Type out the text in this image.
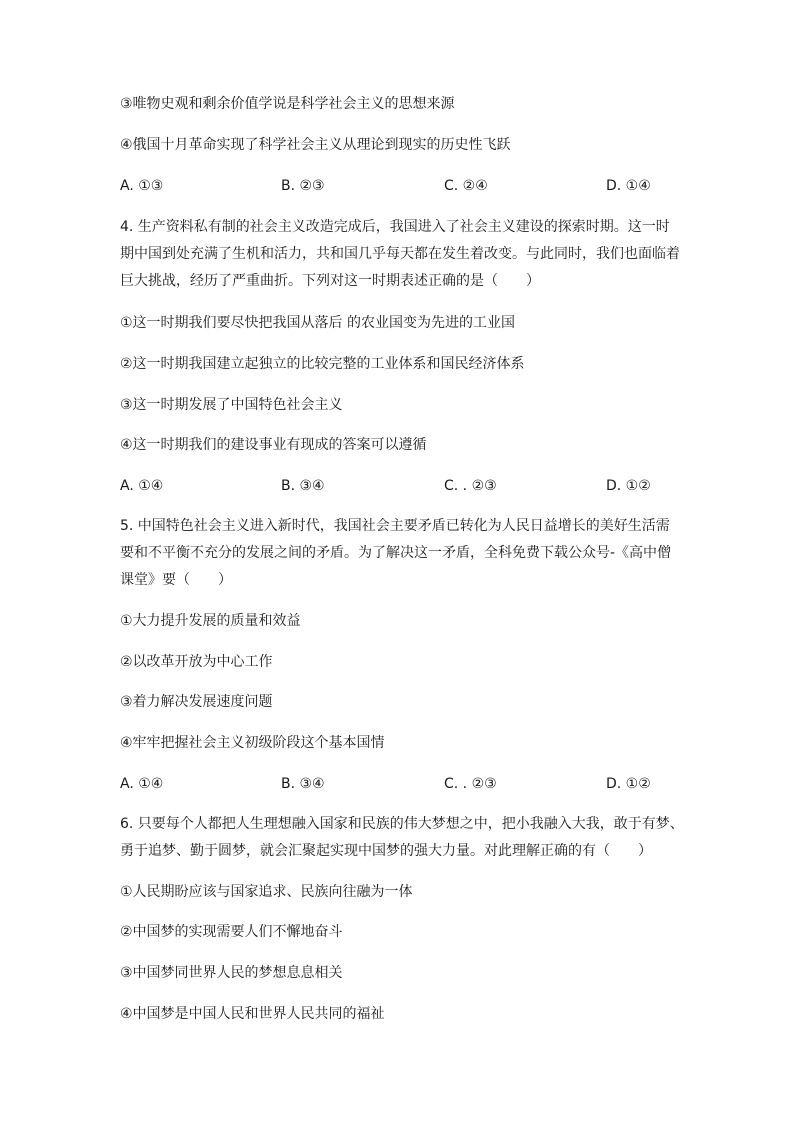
③唯物史观和剩余价值学说是科学社会主义的思想来源
④俄国十月革命实现了科学社会主义从理论到现实的历史性飞跃
A. ①③	B. ②③	C. ②④	D. ①④
4. 生产资料私有制的社会主义改造完成后，我国进入了社会主义建设的探索时期。这一时
期中国到处充满了生机和活力，共和国几乎每天都在发生着改变。与此同时，我们也面临着
巨大挑战，经历了严重曲折。下列对这一时期表述正确的是（　　）
①这一时期我们要尽快把我国从落后 的农业国变为先进的工业国
②这一时期我国建立起独立的比较完整的工业体系和国民经济体系
③这一时期发展了中国特色社会主义
④这一时期我们的建设事业有现成的答案可以遵循
A. ①④	B. ③④	C. . ②③	D. ①②
5. 中国特色社会主义进入新时代，我国社会主要矛盾已转化为人民日益增长的美好生活需
要和不平衡不充分的发展之间的矛盾。为了解决这一矛盾，全科免费下载公众号-《高中僧
课堂》要（　　）
①大力提升发展的质量和效益
②以改革开放为中心工作
③着力解决发展速度问题
④牢牢把握社会主义初级阶段这个基本国情
A. ①④	B. ③④	C. . ②③	D. ①②
6. 只要每个人都把人生理想融入国家和民族的伟大梦想之中，把小我融入大我，敢于有梦、
勇于追梦、勤于圆梦，就会汇聚起实现中国梦的强大力量。对此理解正确的有（　　）
①人民期盼应该与国家追求、民族向往融为一体
②中国梦的实现需要人们不懈地奋斗
③中国梦同世界人民的梦想息息相关
④中国梦是中国人民和世界人民共同的福祉
